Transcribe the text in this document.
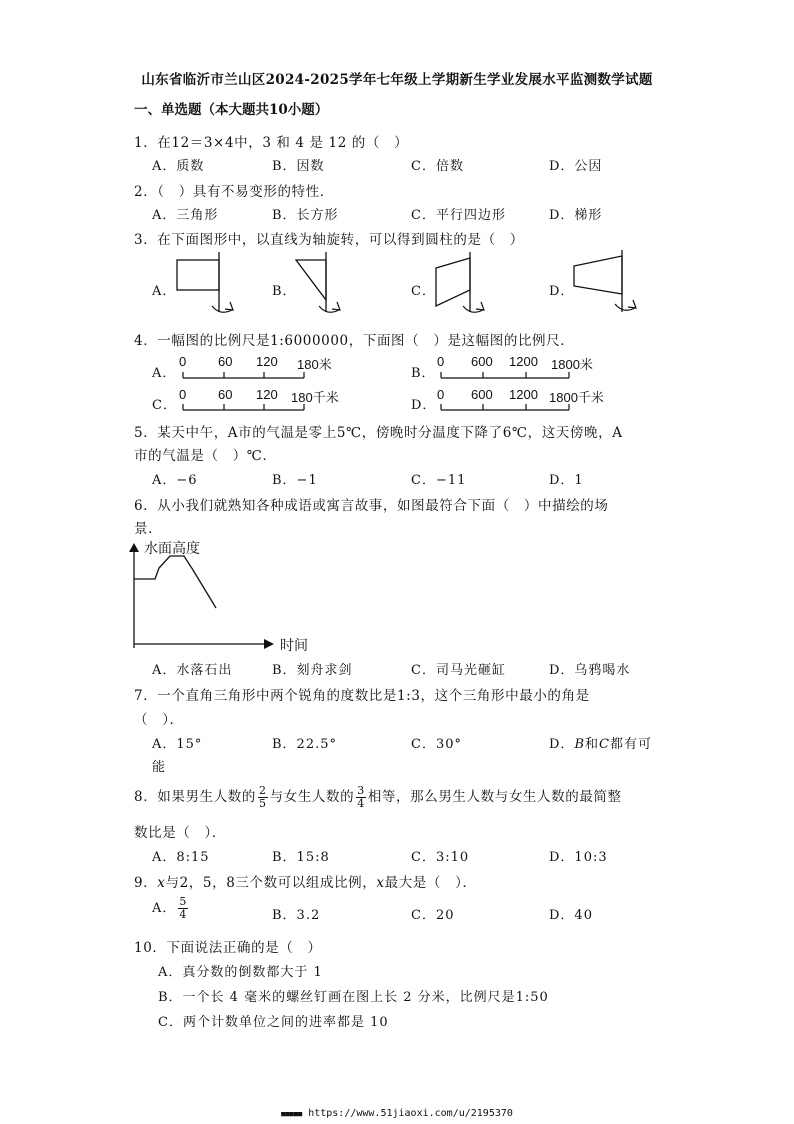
山东省临沂市兰山区2024-2025学年七年级上学期新生学业发展水平监测数学试题
一、单选题（本大题共10小题）
1．在12＝3×4中，3 和 4 是 12 的（　）
A．质数	B．因数	C．倍数	D．公因
2．（　）具有不易变形的特性．
A．三角形	B．长方形	C．平行四边形	D．梯形
3．在下面图形中，以直线为轴旋转，可以得到圆柱的是（　）
A．	B．	C．	D．
4．一幅图的比例尺是1:6000000，下面图（　）是这幅图的比例尺．
A．	B．
C．	D．
0 60 120 180米	0 600 1200 1800米
0 60 120 180千米	0 600 1200 1800千米
5．某天中午，A市的气温是零上5℃，傍晚时分温度下降了6℃，这天傍晚，A
市的气温是（　）℃．
A．−6	B．−1	C．−11	D．1
6．从小我们就熟知各种成语或寓言故事，如图最符合下面（　）中描绘的场
景．
水面高度
时间
A．水落石出	B．刻舟求剑	C．司马光砸缸	D．乌鸦喝水
7．一个直角三角形中两个锐角的度数比是1:3，这个三角形中最小的角是
（　）．
A．15°	B．22.5°	C．30°	D．B和C都有可
能
8．如果男生人数的 $\frac{2}{5}$ 与女生人数的 $\frac{3}{4}$ 相等，那么男生人数与女生人数的最简整
数比是（　）．
A．8:15	B．15:8	C．3:10	D．10:3
9．x与2，5，8三个数可以组成比例，x最大是（　）．
A． $\frac{5}{4}$	B．3.2	C．20	D．40
10．下面说法正确的是（　）
A．真分数的倒数都大于 1
B．一个长 4 毫米的螺丝钉画在图上长 2 分米，比例尺是1:50
C．两个计数单位之间的进率都是 10
■■■■■ https://www.51jiaoxi.com/u/2195370
